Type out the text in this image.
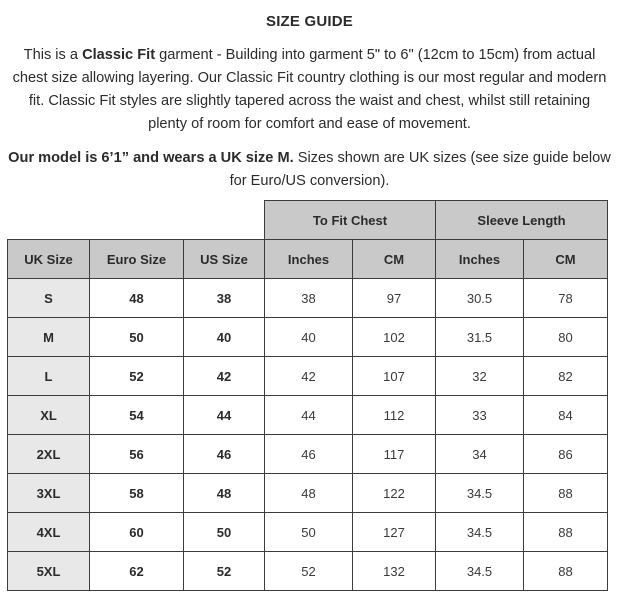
SIZE GUIDE
This is a Classic Fit garment - Building into garment 5" to 6" (12cm to 15cm) from actual chest size allowing layering. Our Classic Fit country clothing is our most regular and modern fit. Classic Fit styles are slightly tapered across the waist and chest, whilst still retaining plenty of room for comfort and ease of movement.
Our model is 6’1” and wears a UK size M. Sizes shown are UK sizes (see size guide below for Euro/US conversion).
			To Fit Chest		Sleeve Length	
UK Size	Euro Size	US Size	Inches	CM	Inches	CM
S	48	38	38	97	30.5	78
M	50	40	40	102	31.5	80
L	52	42	42	107	32	82
XL	54	44	44	112	33	84
2XL	56	46	46	117	34	86
3XL	58	48	48	122	34.5	88
4XL	60	50	50	127	34.5	88
5XL	62	52	52	132	34.5	88
